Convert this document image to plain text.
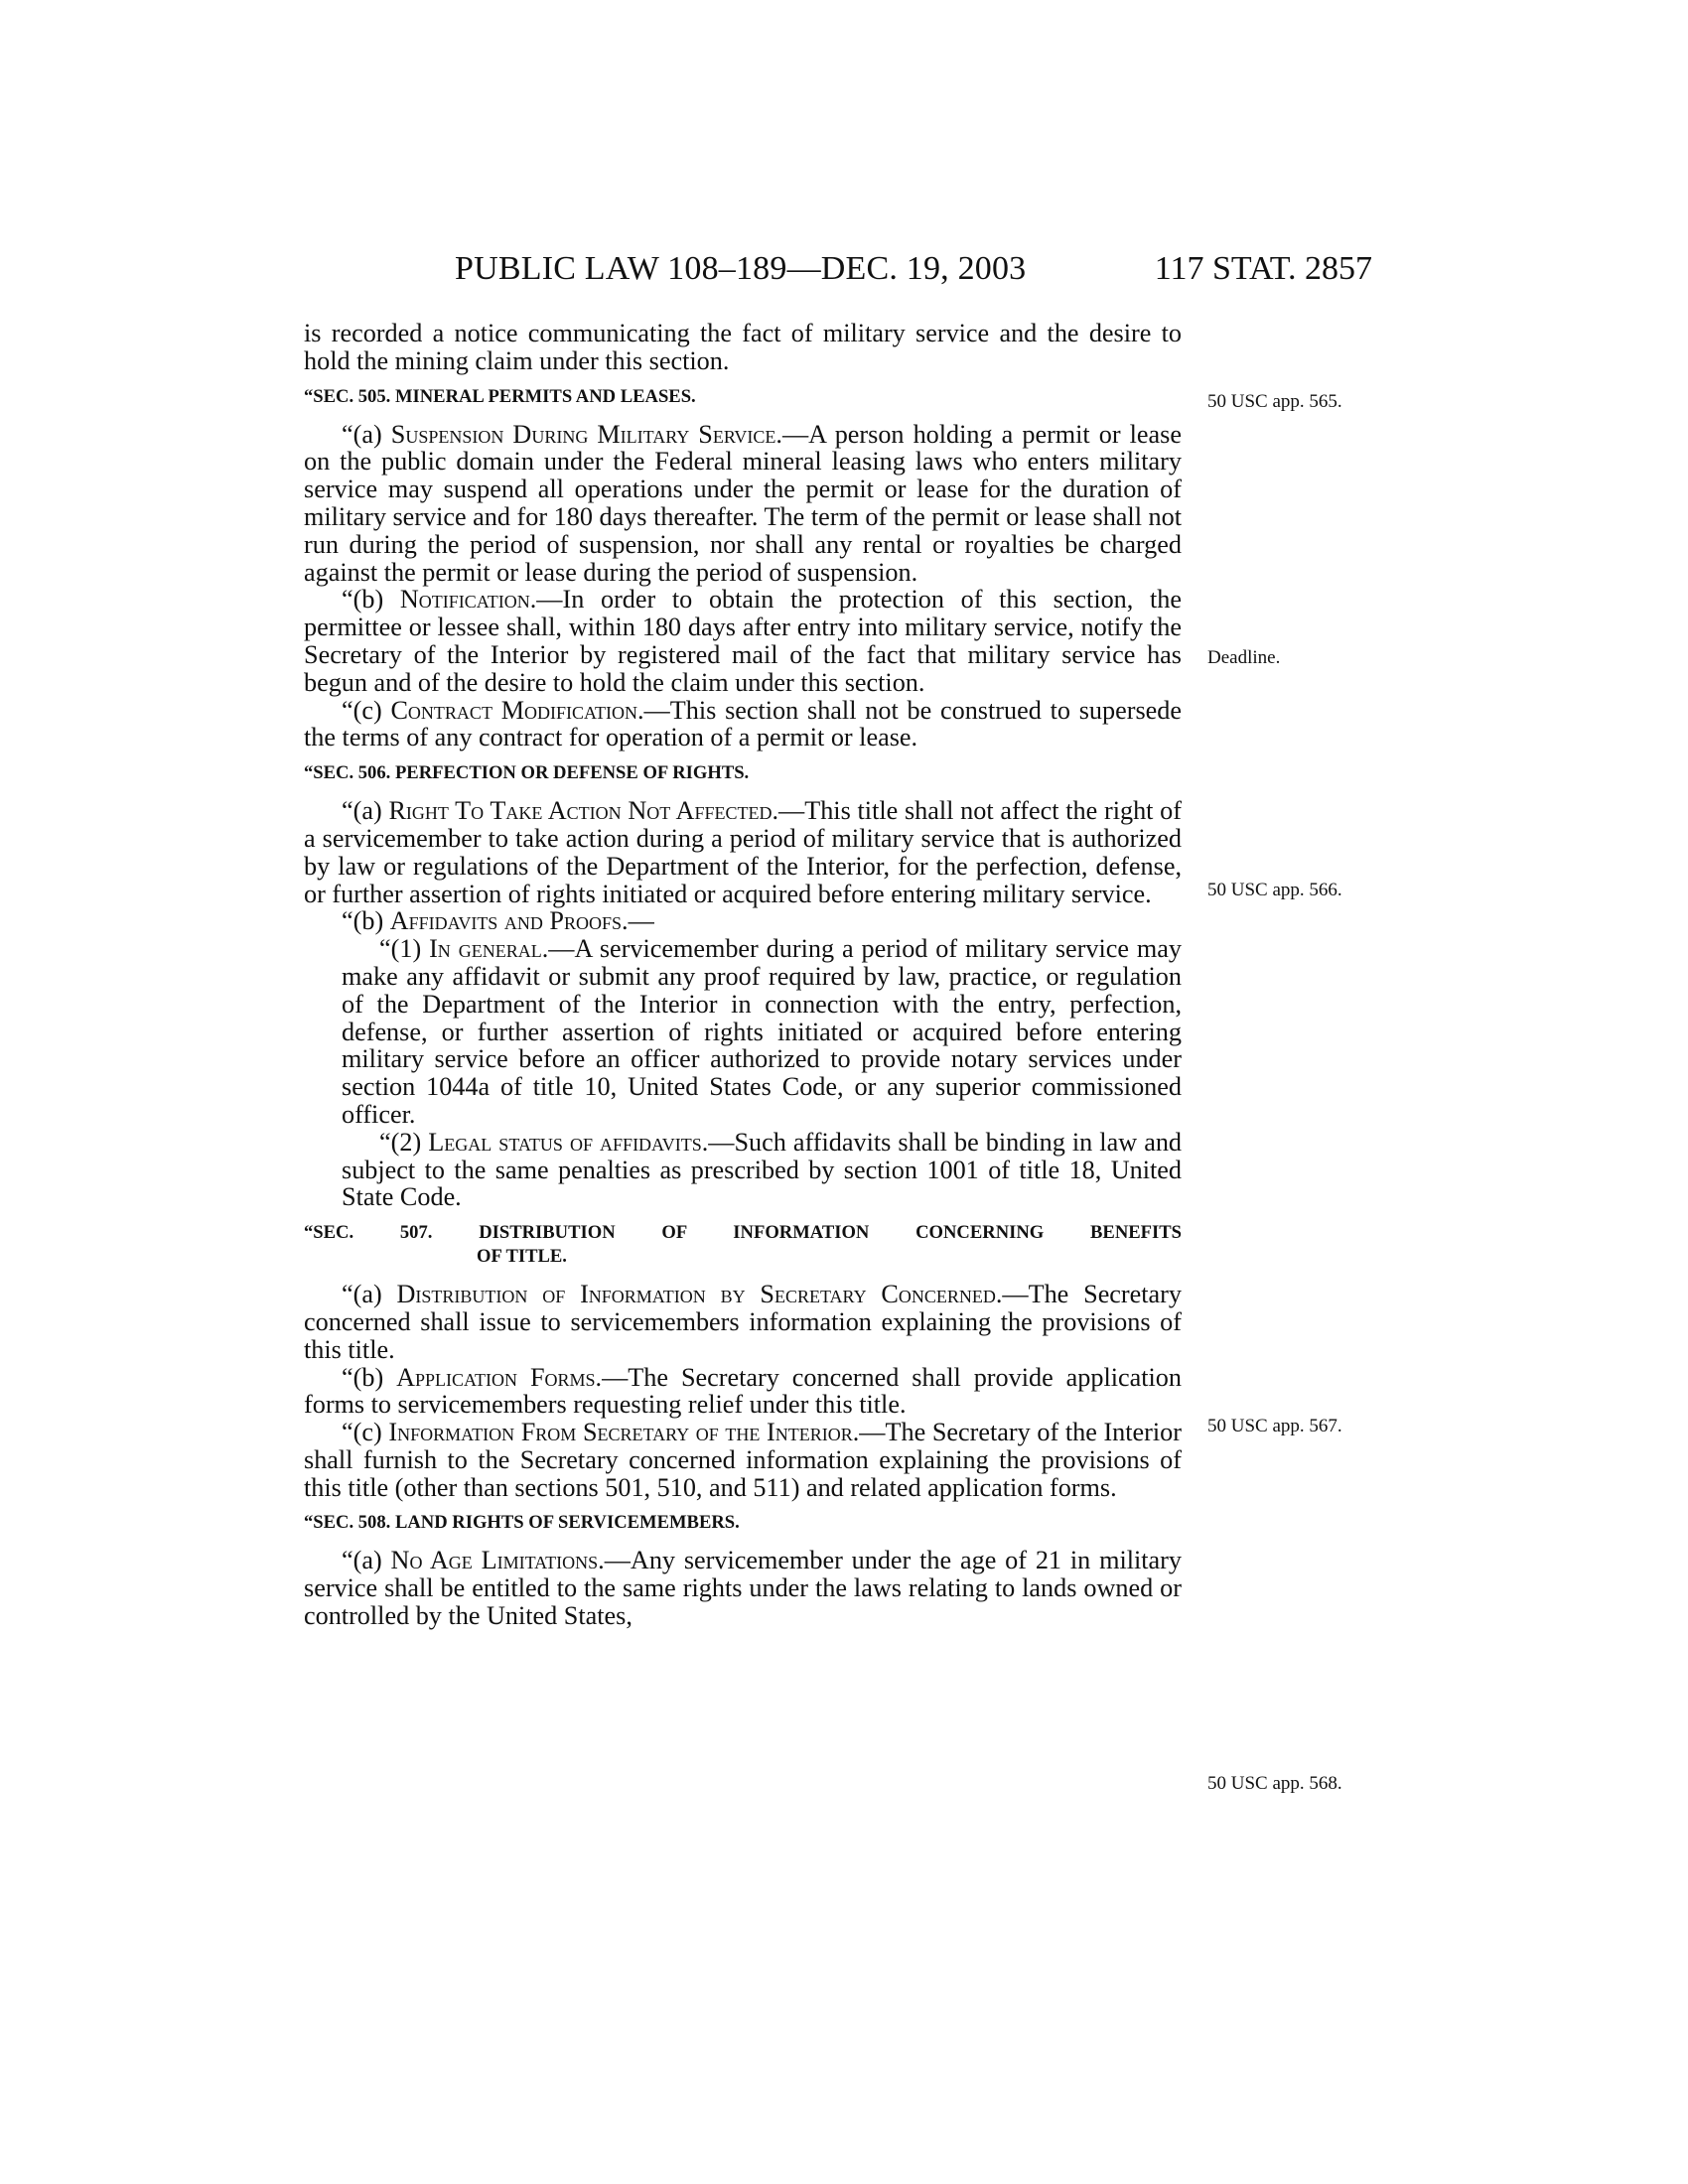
PUBLIC LAW 108–189—DEC. 19, 2003	117 STAT. 2857

is recorded a notice communicating the fact of military service and the desire to hold the mining claim under this section.

“SEC. 505. MINERAL PERMITS AND LEASES.

“(a) Suspension During Military Service.—A person holding a permit or lease on the public domain under the Federal mineral leasing laws who enters military service may suspend all operations under the permit or lease for the duration of military service and for 180 days thereafter. The term of the permit or lease shall not run during the period of suspension, nor shall any rental or royalties be charged against the permit or lease during the period of suspension.

“(b) Notification.—In order to obtain the protection of this section, the permittee or lessee shall, within 180 days after entry into military service, notify the Secretary of the Interior by registered mail of the fact that military service has begun and of the desire to hold the claim under this section.

“(c) Contract Modification.—This section shall not be construed to supersede the terms of any contract for operation of a permit or lease.

“SEC. 506. PERFECTION OR DEFENSE OF RIGHTS.

“(a) Right To Take Action Not Affected.—This title shall not affect the right of a servicemember to take action during a period of military service that is authorized by law or regulations of the Department of the Interior, for the perfection, defense, or further assertion of rights initiated or acquired before entering military service.

“(b) Affidavits and Proofs.—

“(1) In general.—A servicemember during a period of military service may make any affidavit or submit any proof required by law, practice, or regulation of the Department of the Interior in connection with the entry, perfection, defense, or further assertion of rights initiated or acquired before entering military service before an officer authorized to provide notary services under section 1044a of title 10, United States Code, or any superior commissioned officer.

“(2) Legal status of affidavits.—Such affidavits shall be binding in law and subject to the same penalties as prescribed by section 1001 of title 18, United State Code.

“SEC. 507. DISTRIBUTION OF INFORMATION CONCERNING BENEFITS
OF TITLE.

“(a) Distribution of Information by Secretary Concerned.—The Secretary concerned shall issue to servicemembers information explaining the provisions of this title.

“(b) Application Forms.—The Secretary concerned shall provide application forms to servicemembers requesting relief under this title.

“(c) Information From Secretary of the Interior.—The Secretary of the Interior shall furnish to the Secretary concerned information explaining the provisions of this title (other than sections 501, 510, and 511) and related application forms.

“SEC. 508. LAND RIGHTS OF SERVICEMEMBERS.

“(a) No Age Limitations.—Any servicemember under the age of 21 in military service shall be entitled to the same rights under the laws relating to lands owned or controlled by the United States,

50 USC app. 565.
Deadline.
50 USC app. 566.
50 USC app. 567.
50 USC app. 568.
